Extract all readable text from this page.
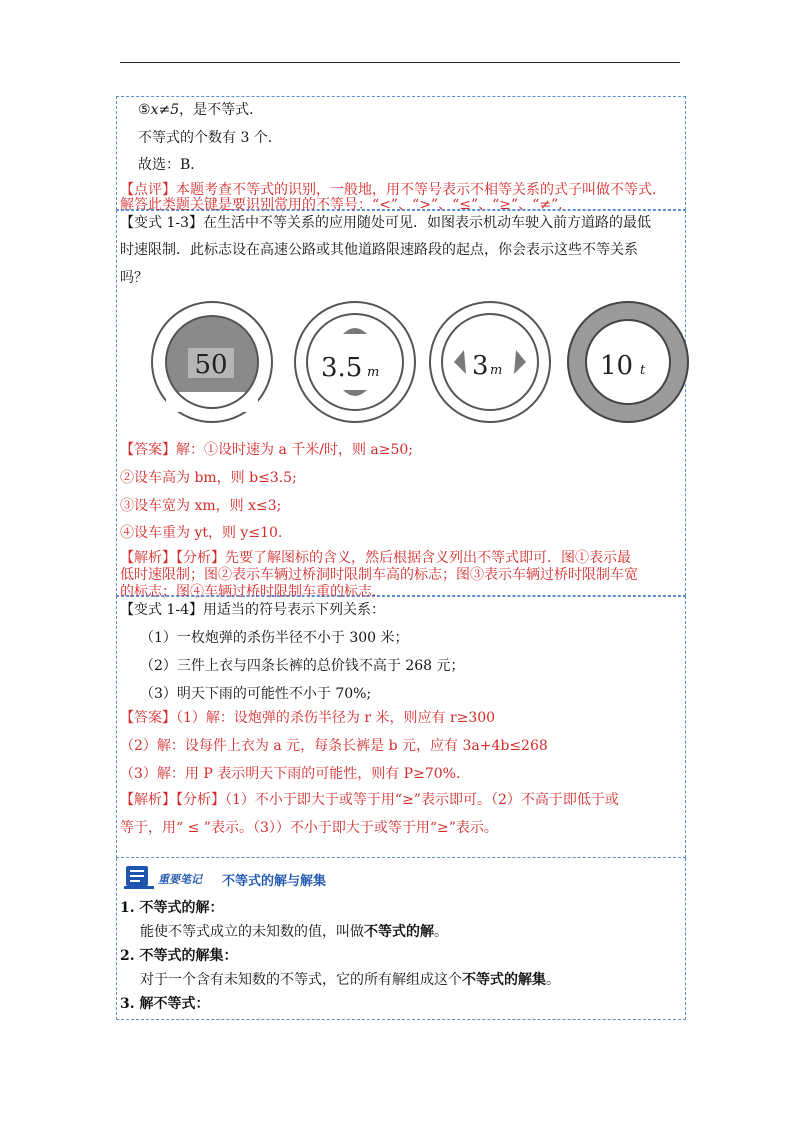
⑤x≠5，是不等式．
不等式的个数有 3 个．
故选：B．
【点评】本题考查不等式的识别，一般地，用不等号表示不相等关系的式子叫做不等式．
解答此类题关键是要识别常用的不等号：“<”、“>”、“≤”、“≥”、“≠”．
【变式 1-3】在生活中不等关系的应用随处可见．如图表示机动车驶入前方道路的最低
时速限制．此标志设在高速公路或其他道路限速路段的起点，你会表示这些不等关系
吗？
50	3.5 m	3 m	10 t
【答案】解：①设时速为 a 千米/时，则 a≥50;
②设车高为 bm，则 b≤3.5;
③设车宽为 xm，则 x≤3;
④设车重为 yt，则 y≤10.
【解析】【分析】先要了解图标的含义，然后根据含义列出不等式即可．图①表示最
低时速限制；图②表示车辆过桥洞时限制车高的标志；图③表示车辆过桥时限制车宽
的标志；图④车辆过桥时限制车重的标志．
【变式 1-4】用适当的符号表示下列关系：
（1）一枚炮弹的杀伤半径不小于 300 米；
（2）三件上衣与四条长裤的总价钱不高于 268 元；
（3）明天下雨的可能性不小于 70%;
【答案】（1）解：设炮弹的杀伤半径为 r 米，则应有 r≥300
（2）解：设每件上衣为 a 元，每条长裤是 b 元，应有 3a+4b≤268
（3）解：用 P 表示明天下雨的可能性，则有 P≥70%.
【解析】【分析】（1）不小于即大于或等于用“≥”表示即可。（2）不高于即低于或
等于，用“ ≤ ”表示。（3））不小于即大于或等于用“≥”表示。
重要笔记 不等式的解与解集
1. 不等式的解：
能使不等式成立的未知数的值，叫做不等式的解。
2. 不等式的解集：
对于一个含有未知数的不等式，它的所有解组成这个不等式的解集。
3. 解不等式：
